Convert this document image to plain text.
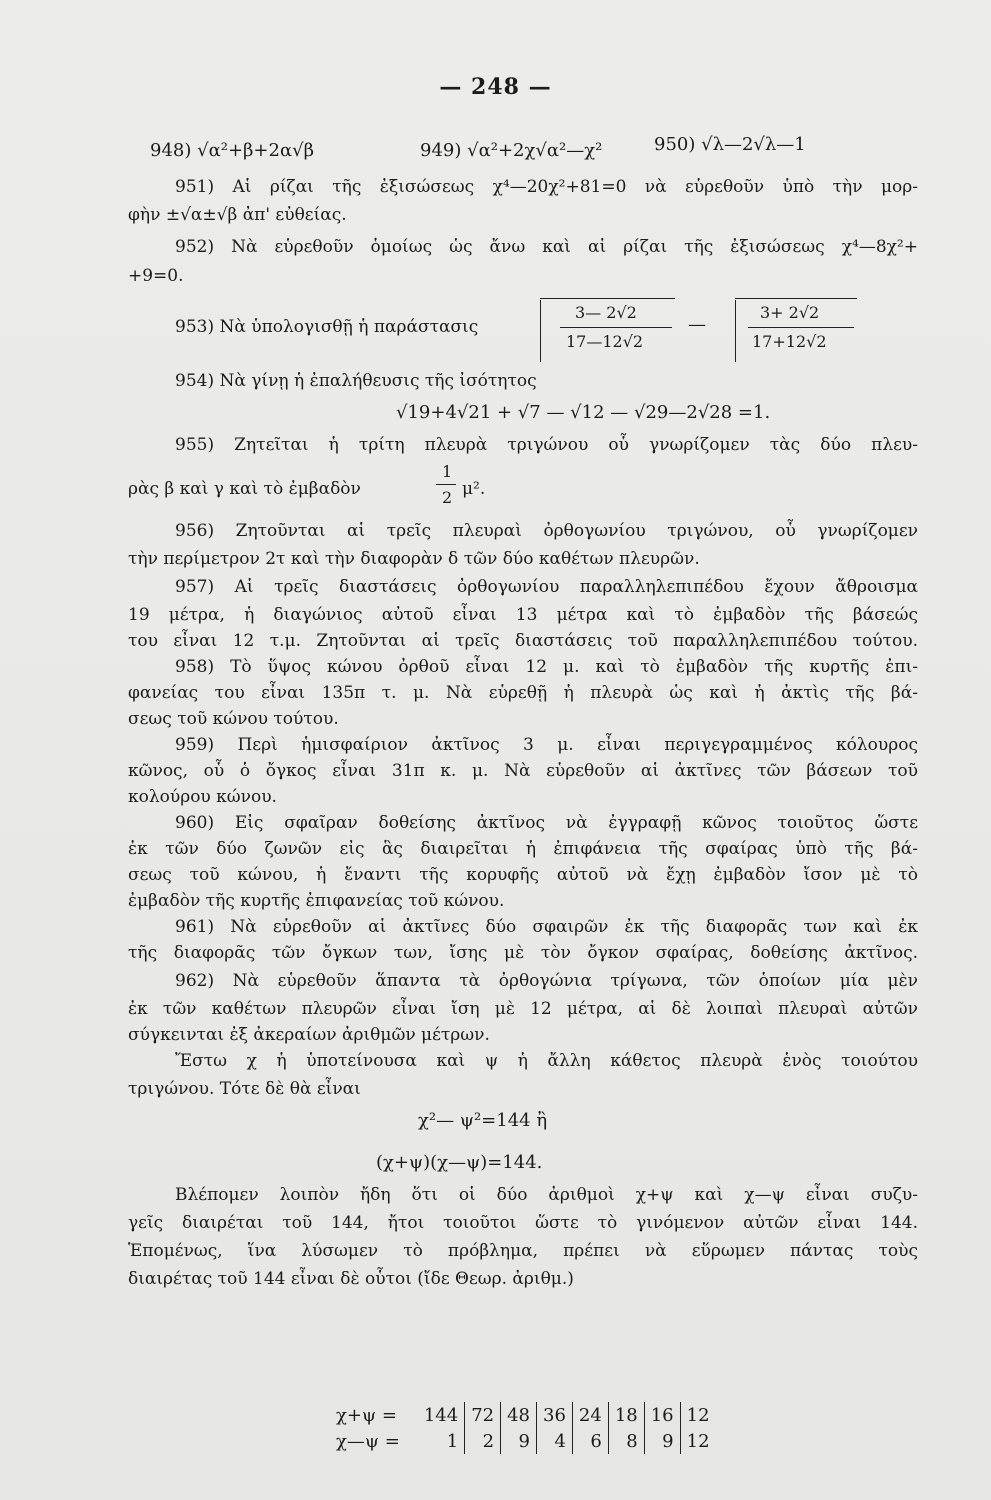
— 248 —
948) √α²+β+2α√β	949) √α²+2χ√α²—χ²	950) √λ—2√λ—1
951) Αἱ ρίζαι τῆς ἐξισώσεως χ⁴—20χ²+81=0 νὰ εὑρεθοῦν ὑπὸ τὴν μορ-
φὴν ±√α±√β ἀπ' εὐθείας.
952) Νὰ εὑρεθοῦν ὁμοίως ὡς ἄνω καὶ αἱ ρίζαι τῆς ἐξισώσεως χ⁴—8χ²+
+9=0.
953) Νὰ ὑπολογισθῇ ἡ παράστασις
3— 2√2
17—12√2
—
3+ 2√2
17+12√2
954) Νὰ γίνῃ ἡ ἐπαλήθευσις τῆς ἰσότητος
√19+4√21 + √7 — √12 — √29—2√28 =1.
955) Ζητεῖται ἡ τρίτη πλευρὰ τριγώνου οὗ γνωρίζομεν τὰς δύο πλευ-
ρὰς β καὶ γ καὶ τὸ ἐμβαδὸν
1
2 μ².
956) Ζητοῦνται αἱ τρεῖς πλευραὶ ὀρθογωνίου τριγώνου, οὗ γνωρίζομεν
τὴν περίμετρον 2τ καὶ τὴν διαφορὰν δ τῶν δύο καθέτων πλευρῶν.
957) Αἱ τρεῖς διαστάσεις ὀρθογωνίου παραλληλεπιπέδου ἔχουν ἄθροισμα
19 μέτρα, ἡ διαγώνιος αὐτοῦ εἶναι 13 μέτρα καὶ τὸ ἐμβαδὸν τῆς βάσεώς
του εἶναι 12 τ.μ. Ζητοῦνται αἱ τρεῖς διαστάσεις τοῦ παραλληλεπιπέδου τούτου.
958) Τὸ ὕψος κώνου ὀρθοῦ εἶναι 12 μ. καὶ τὸ ἐμβαδὸν τῆς κυρτῆς ἐπι-
φανείας του εἶναι 135π τ. μ. Νὰ εὑρεθῇ ἡ πλευρὰ ὡς καὶ ἡ ἀκτὶς τῆς βά-
σεως τοῦ κώνου τούτου.
959) Περὶ ἡμισφαίριον ἀκτῖνος 3 μ. εἶναι περιγεγραμμένος κόλουρος
κῶνος, οὗ ὁ ὄγκος εἶναι 31π κ. μ. Νὰ εὑρεθοῦν αἱ ἀκτῖνες τῶν βάσεων τοῦ
κολούρου κώνου.
960) Εἰς σφαῖραν δοθείσης ἀκτῖνος νὰ ἐγγραφῇ κῶνος τοιοῦτος ὥστε
ἐκ τῶν δύο ζωνῶν εἰς ἃς διαιρεῖται ἡ ἐπιφάνεια τῆς σφαίρας ὑπὸ τῆς βά-
σεως τοῦ κώνου, ἡ ἔναντι τῆς κορυφῆς αὐτοῦ νὰ ἔχῃ ἐμβαδὸν ἴσον μὲ τὸ
ἐμβαδὸν τῆς κυρτῆς ἐπιφανείας τοῦ κώνου.
961) Νὰ εὑρεθοῦν αἱ ἀκτῖνες δύο σφαιρῶν ἐκ τῆς διαφορᾶς των καὶ ἐκ
τῆς διαφορᾶς τῶν ὄγκων των, ἴσης μὲ τὸν ὄγκον σφαίρας, δοθείσης ἀκτῖνος.
962) Νὰ εὑρεθοῦν ἅπαντα τὰ ὀρθογώνια τρίγωνα, τῶν ὁποίων μία μὲν
ἐκ τῶν καθέτων πλευρῶν εἶναι ἴση μὲ 12 μέτρα, αἱ δὲ λοιπαὶ πλευραὶ αὐτῶν
σύγκεινται ἐξ ἀκεραίων ἀριθμῶν μέτρων.
Ἔστω χ ἡ ὑποτείνουσα καὶ ψ ἡ ἄλλη κάθετος πλευρὰ ἑνὸς τοιούτου
τριγώνου. Τότε δὲ θὰ εἶναι
χ²— ψ²=144 ἢ
(χ+ψ)(χ—ψ)=144.
Βλέπομεν λοιπὸν ἤδη ὅτι οἱ δύο ἀριθμοὶ χ+ψ καὶ χ—ψ εἶναι συζυ-
γεῖς διαιρέται τοῦ 144, ἤτοι τοιοῦτοι ὥστε τὸ γινόμενον αὐτῶν εἶναι 144.
Ἑπομένως, ἵνα λύσωμεν τὸ πρόβλημα, πρέπει νὰ εὕρωμεν πάντας τοὺς
διαιρέτας τοῦ 144 εἶναι δὲ οὗτοι (ἴδε Θεωρ. ἀριθμ.)
χ+ψ =	144	72	48	36	24	18	16	12
χ—ψ =	1	2	9	4	6	8	9	12
